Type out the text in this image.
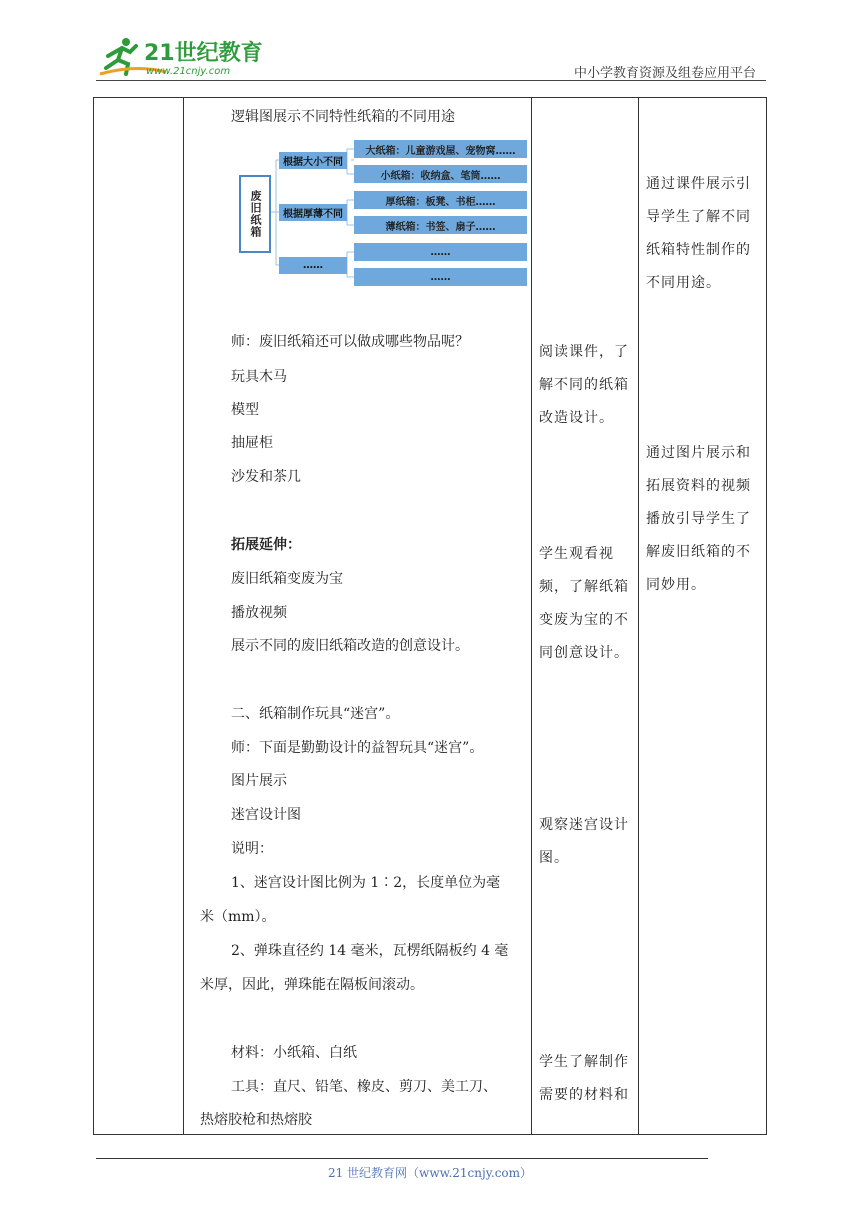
21世纪教育
www.21cnjy.com	中小学教育资源及组卷应用平台
逻辑图展示不同特性纸箱的不同用途
废旧纸箱
根据大小不同
根据厚薄不同
……
大纸箱：儿童游戏屋、宠物窝……
小纸箱：收纳盒、笔筒……
厚纸箱：板凳、书柜……
薄纸箱：书签、扇子……
……
……
师：废旧纸箱还可以做成哪些物品呢？
玩具木马
模型
抽屉柜
沙发和茶几
拓展延伸：
废旧纸箱变废为宝
播放视频
展示不同的废旧纸箱改造的创意设计。
二、纸箱制作玩具“迷宫”。
师：下面是勤勤设计的益智玩具“迷宫”。
图片展示
迷宫设计图
说明：
1、迷宫设计图比例为 1∶2，长度单位为毫
米（mm）。
2、弹珠直径约 14 毫米，瓦楞纸隔板约 4 毫
米厚，因此，弹珠能在隔板间滚动。
材料：小纸箱、白纸
工具：直尺、铅笔、橡皮、剪刀、美工刀、
热熔胶枪和热熔胶
阅读课件，了解不同的纸箱改造设计。
学生观看视频，了解纸箱变废为宝的不同创意设计。
观察迷宫设计图。
学生了解制作需要的材料和
通过课件展示引导学生了解不同纸箱特性制作的不同用途。
通过图片展示和拓展资料的视频播放引导学生了解废旧纸箱的不同妙用。
21 世纪教育网（www.21cnjy.com）
